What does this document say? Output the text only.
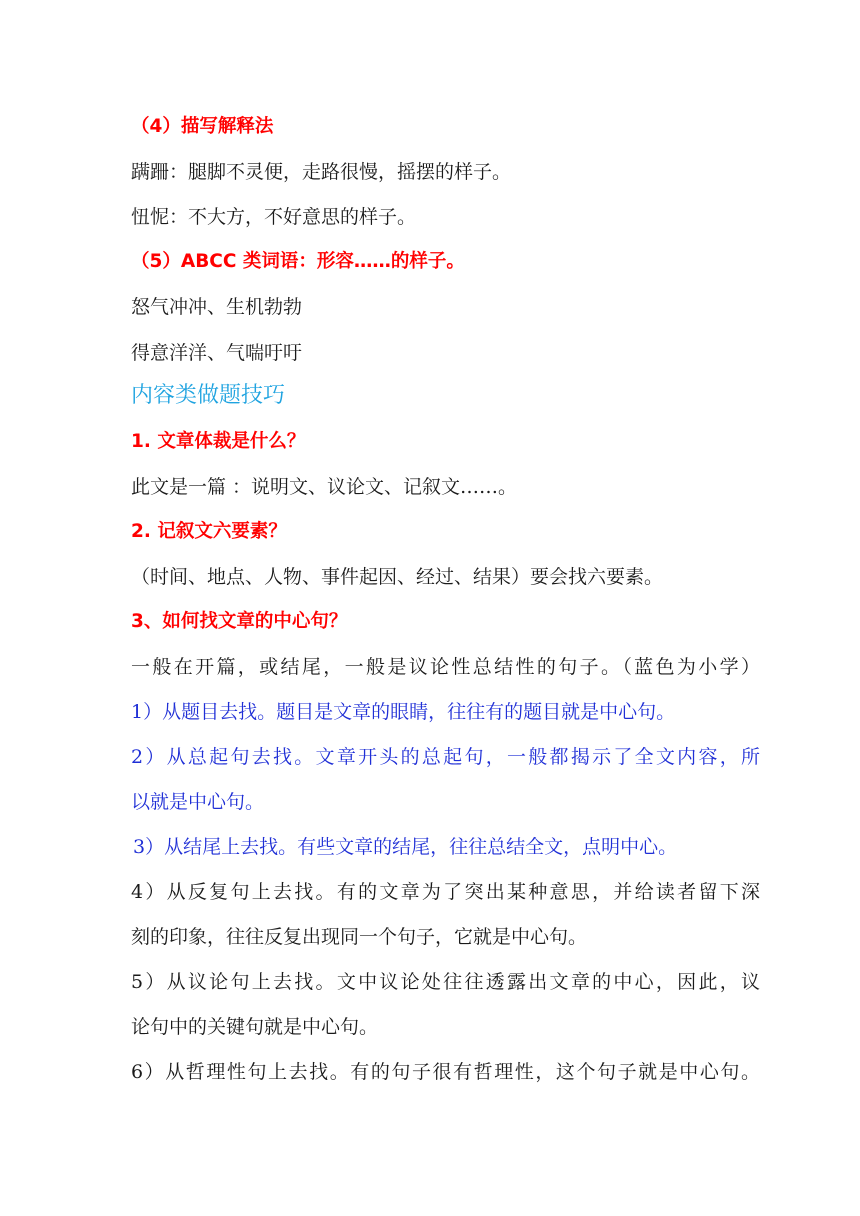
（4）描写解释法
蹒跚：腿脚不灵便，走路很慢，摇摆的样子。
忸怩：不大方，不好意思的样子。
（5）ABCC 类词语：形容……的样子。
怒气冲冲、生机勃勃
得意洋洋、气喘吁吁
内容类做题技巧
1. 文章体裁是什么？
此文是一篇 ：说明文、议论文、记叙文……。
2. 记叙文六要素？
（时间、地点、人物、事件起因、经过、结果）要会找六要素。
3、如何找文章的中心句？
一般在开篇，或结尾，一般是议论性总结性的句子。（蓝色为小学）
1）从题目去找。题目是文章的眼睛，往往有的题目就是中心句。
2）从总起句去找。文章开头的总起句，一般都揭示了全文内容，所
以就是中心句。
3）从结尾上去找。有些文章的结尾，往往总结全文，点明中心。
4）从反复句上去找。有的文章为了突出某种意思，并给读者留下深
刻的印象，往往反复出现同一个句子，它就是中心句。
5）从议论句上去找。文中议论处往往透露出文章的中心，因此，议
论句中的关键句就是中心句。
6）从哲理性句上去找。有的句子很有哲理性，这个句子就是中心句。
